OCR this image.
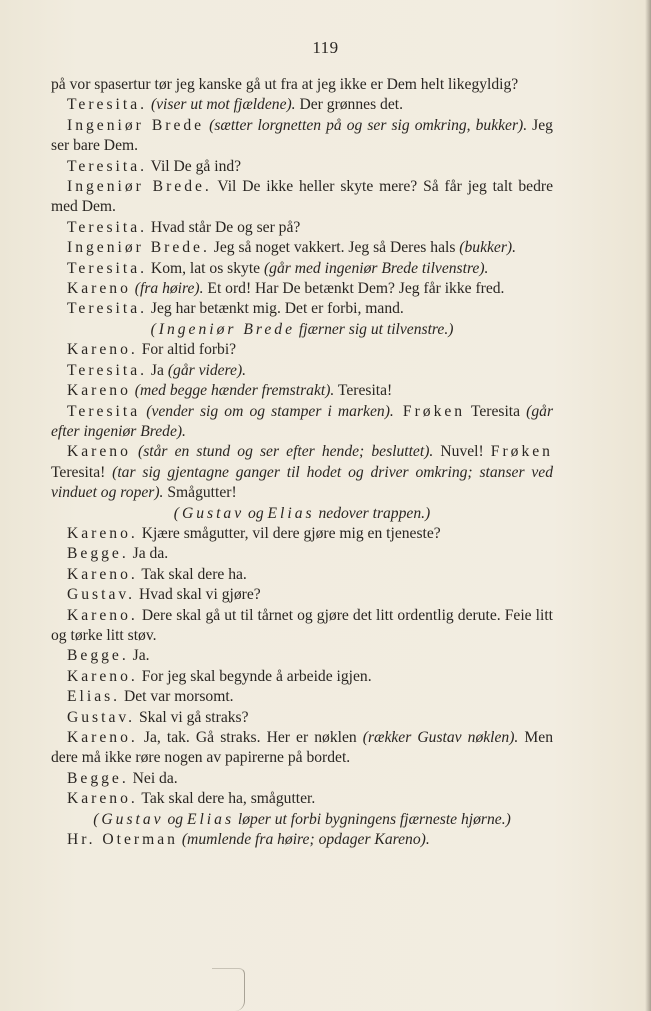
119

på vor spasertur tør jeg kanske gå ut fra at jeg ikke er Dem helt likegyldig?

Teresita. (viser ut mot fjældene). Der grønnes det.

Ingeniør Brede (sætter lorgnetten på og ser sig omkring, bukker). Jeg ser bare Dem.

Teresita. Vil De gå ind?

Ingeniør Brede. Vil De ikke heller skyte mere? Så får jeg talt bedre med Dem.

Teresita. Hvad står De og ser på?

Ingeniør Brede. Jeg så noget vakkert. Jeg så Deres hals (bukker).

Teresita. Kom, lat os skyte (går med ingeniør Brede tilvenstre).

Kareno (fra høire). Et ord! Har De betænkt Dem? Jeg får ikke fred.

Teresita. Jeg har betænkt mig. Det er forbi, mand.

(Ingeniør Brede fjærner sig ut tilvenstre.)

Kareno. For altid forbi?

Teresita. Ja (går videre).

Kareno (med begge hænder fremstrakt). Teresita!

Teresita (vender sig om og stamper i marken). Frøken Teresita (går efter ingeniør Brede).

Kareno (står en stund og ser efter hende; besluttet). Nuvel! Frøken Teresita! (tar sig gjentagne ganger til hodet og driver omkring; stanser ved vinduet og roper). Smågutter!

(Gustav og Elias nedover trappen.)

Kareno. Kjære smågutter, vil dere gjøre mig en tjeneste?

Begge. Ja da.

Kareno. Tak skal dere ha.

Gustav. Hvad skal vi gjøre?

Kareno. Dere skal gå ut til tårnet og gjøre det litt ordentlig derute. Feie litt og tørke litt støv.

Begge. Ja.

Kareno. For jeg skal begynde å arbeide igjen.

Elias. Det var morsomt.

Gustav. Skal vi gå straks?

Kareno. Ja, tak. Gå straks. Her er nøklen (rækker Gustav nøklen). Men dere må ikke røre nogen av papirerne på bordet.

Begge. Nei da.

Kareno. Tak skal dere ha, smågutter.

(Gustav og Elias løper ut forbi bygningens fjærneste hjørne.)

Hr. Oterman (mumlende fra høire; opdager Kareno).
